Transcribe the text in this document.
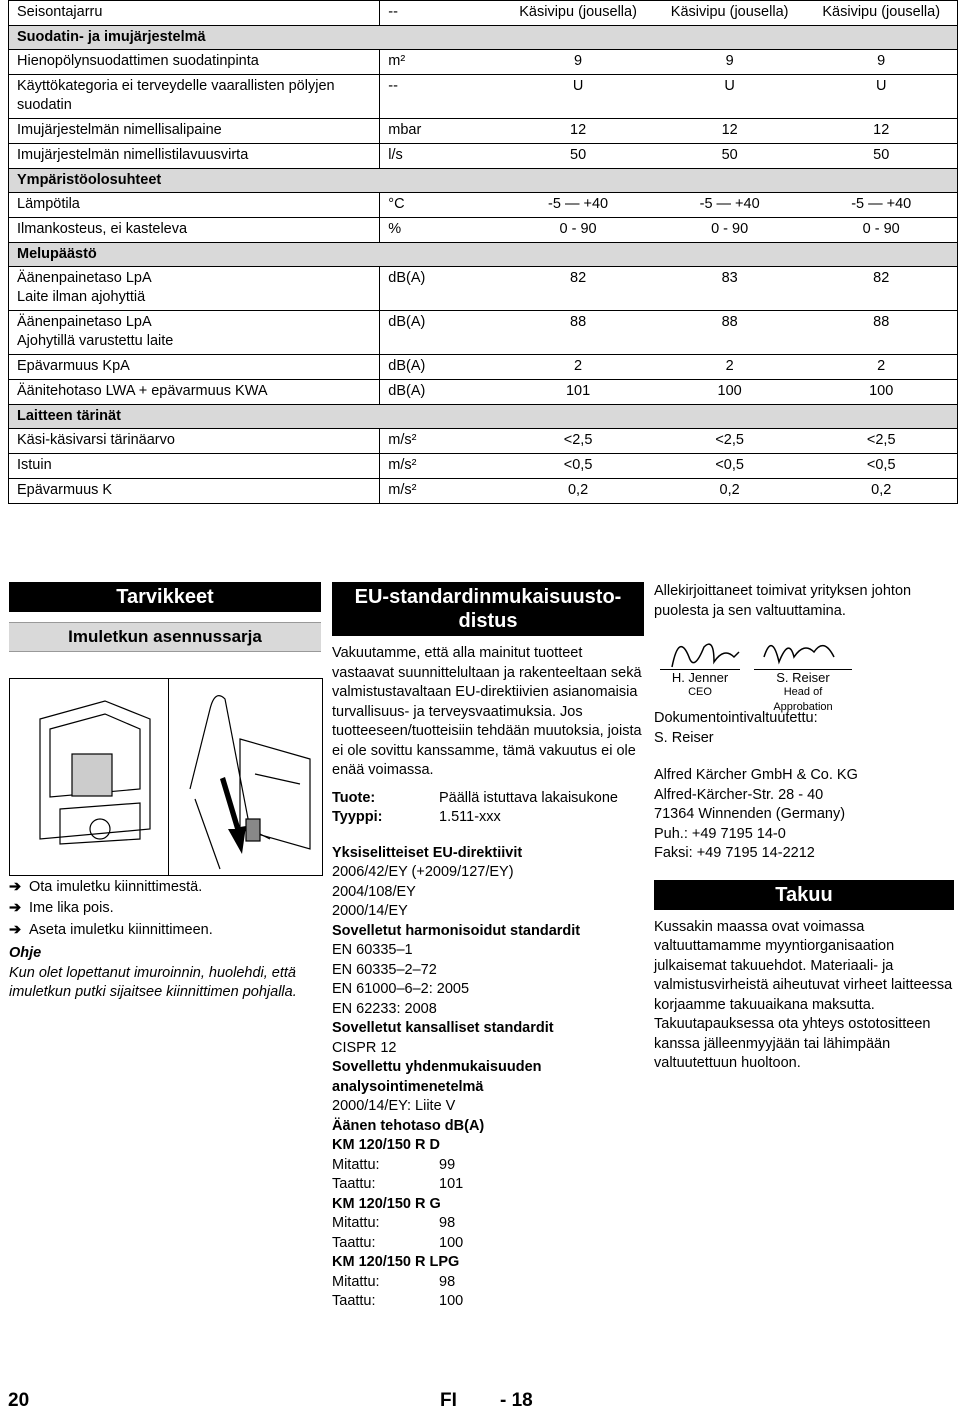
Seisontajarru	--	Käsivipu (jousella)	Käsivipu (jousella)	Käsivipu (jousella)
Suodatin- ja imujärjestelmä				

Hienopölynsuodattimen suodatinpinta	m²	9	9	9

Käyttökategoria ei terveydelle vaarallisten pölyjen suodatin	--	U	U	U

Imujärjestelmän nimellisalipaine	mbar	12	12	12

Imujärjestelmän nimellistilavuusvirta	l/s	50	50	50
Ympäristöolosuhteet				

Lämpötila	°C	-5 — +40	-5 — +40	-5 — +40

Ilmankosteus, ei kasteleva	%	0 - 90	0 - 90	0 - 90
Melupäästö				

Äänenpainetaso LpA
Laite ilman ajohyttiä	dB(A)	82	83	82

Äänenpainetaso LpA
Ajohytillä varustettu laite	dB(A)	88	88	88

Epävarmuus KpA	dB(A)	2	2	2

Äänitehotaso LWA + epävarmuus KWA	dB(A)	101	100	100
Laitteen tärinät				

Käsi-käsivarsi tärinäarvo	m/s²	<2,5	<2,5	<2,5

Istuin	m/s²	<0,5	<0,5	<0,5

Epävarmuus K	m/s²	0,2	0,2	0,2
Tarvikkeet
Imuletkun asennussarja
➔ Ota imuletku kiinnittimestä.
➔ Ime lika pois.
➔ Aseta imuletku kiinnittimeen.

Ohje

Kun olet lopettanut imuroinnin, huolehdi, että imuletkun putki sijaitsee kiinnittimen pohjalla.

EU-standardinmukaisuusto-distus

Vakuutamme, että alla mainitut tuotteet vastaavat suunnittelultaan ja rakenteeltaan sekä valmistustavaltaan EU-direktiivien asianomaisia turvallisuus- ja terveysvaatimuksia. Jos tuotteeseen/tuotteisiin tehdään muutoksia, joista ei ole sovittu kanssamme, tämä vakuutus ei ole enää voimassa.

Tuote:	Päällä istuttava lakaisukone
Tyyppi:	1.511-xxx

Yksiselitteiset EU-direktiivit

2006/42/EY (+2009/127/EY)

2004/108/EY

2000/14/EY

Sovelletut harmonisoidut standardit

EN 60335–1

EN 60335–2–72

EN 61000–6–2: 2005

EN 62233: 2008

Sovelletut kansalliset standardit

CISPR 12

Sovellettu yhdenmukaisuuden analysointimenetelmä

2000/14/EY: Liite V

Äänen tehotaso dB(A)

KM 120/150 R D

Mitattu:	99
Taattu:	101

KM 120/150 R G

Mitattu:	98
Taattu:	100

KM 120/150 R LPG

Mitattu:	98
Taattu:	100

Allekirjoittaneet toimivat yrityksen johton puolesta ja sen valtuuttamina.

H. Jenner
CEO
S. Reiser
Head of Approbation

Dokumentointivaltuutettu:

S. Reiser

Alfred Kärcher GmbH & Co. KG

Alfred-Kärcher-Str. 28 - 40

71364 Winnenden (Germany)

Puh.: +49 7195 14-0

Faksi: +49 7195 14-2212

Takuu

Kussakin maassa ovat voimassa valtuuttamamme myyntiorganisaation julkaisemat takuuehdot. Materiaali- ja valmistusvirheistä aiheutuvat virheet laitteessa korjaamme takuuaikana maksutta. Takuutapauksessa ota yhteys ostotositteen kanssa jälleenmyyjään tai lähimpään valtuutettuun huoltoon.

20	FI - 18
